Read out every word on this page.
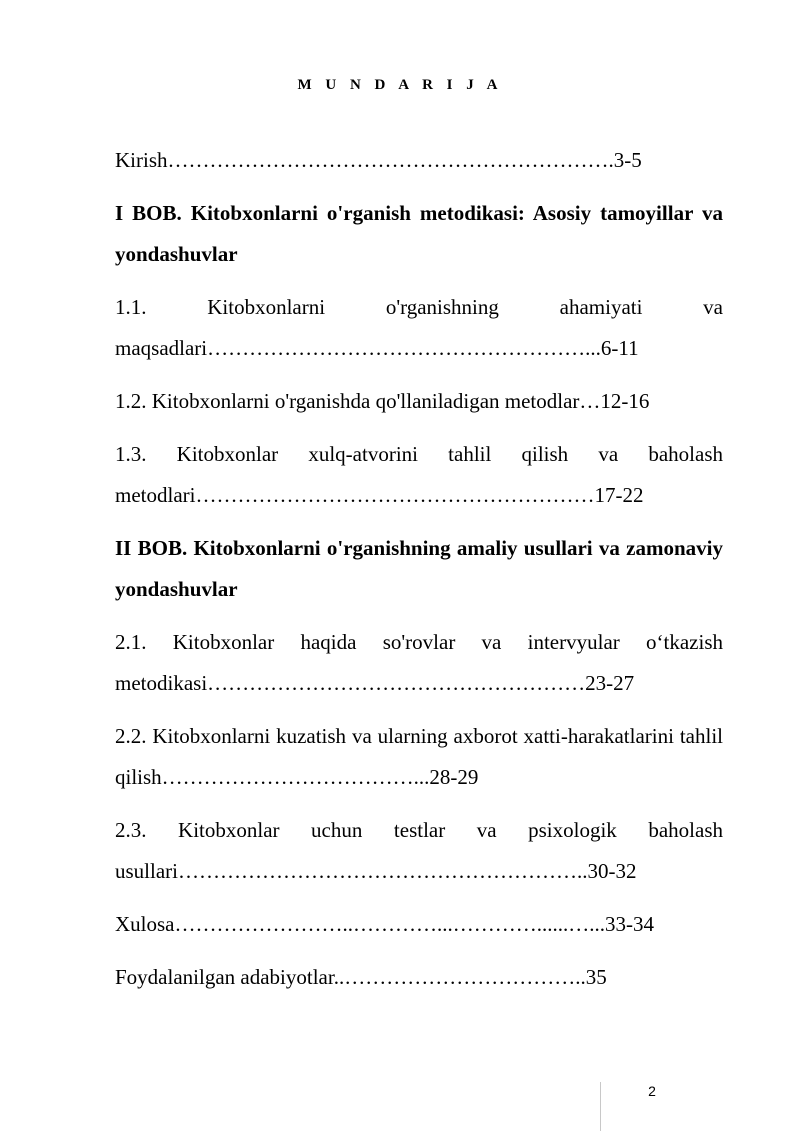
M U N D A R I J A
Kirish……………………………………………………….3-5
I BOB. Kitobxonlarni o'rganish metodikasi: Asosiy tamoyillar va yondashuvlar
1.1. Kitobxonlarni o'rganishning ahamiyati va maqsadlari………………………………………………...6-11
1.2. Kitobxonlarni o'rganishda qo'llaniladigan metodlar…12-16
1.3. Kitobxonlar xulq-atvorini tahlil qilish va baholash metodlari…………………………………………………17-22
II BOB. Kitobxonlarni o'rganishning amaliy usullari va zamonaviy yondashuvlar
2.1. Kitobxonlar haqida so'rovlar va intervyular o‘tkazish metodikasi………………………………………………23-27
2.2. Kitobxonlarni kuzatish va ularning axborot xatti-harakatlarini tahlil qilish………………………………...28-29
2.3. Kitobxonlar uchun testlar va psixologik baholash usullari…………………………………………………..30-32
Xulosa……………………..…………...…………......…...33-34
Foydalanilgan adabiyotlar..……………………………..35
2
